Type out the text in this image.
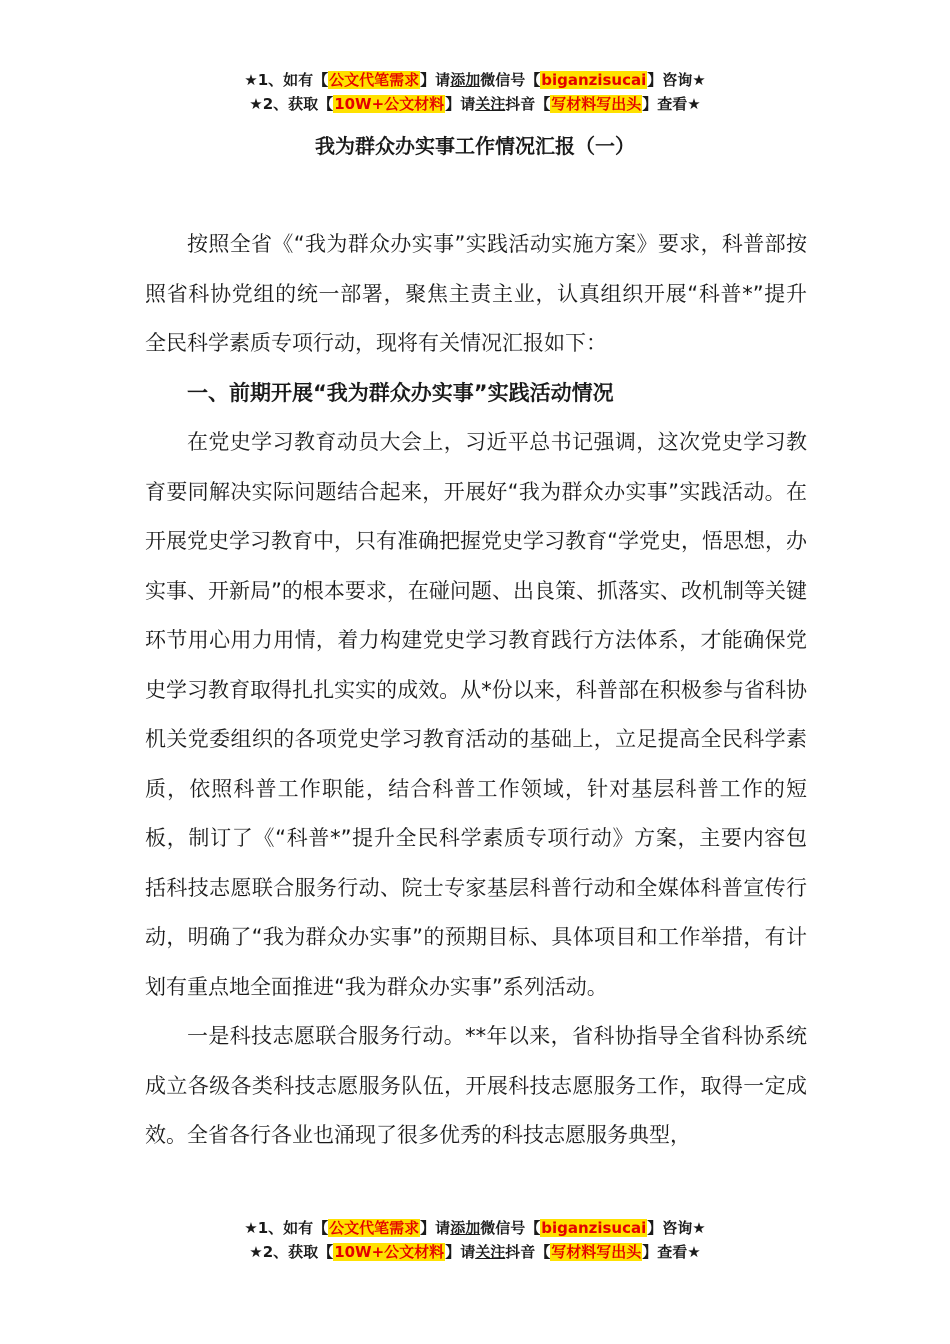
★1、如有【公文代笔需求】请添加微信号【biganzisucai】咨询★
★2、获取【10W+公文材料】请关注抖音【写材料写出头】查看★
我为群众办实事工作情况汇报（一）

按照全省《“我为群众办实事”实践活动实施方案》要求，科普部按照省科协党组的统一部署，聚焦主责主业，认真组织开展“科普*”提升全民科学素质专项行动，现将有关情况汇报如下：

一、前期开展“我为群众办实事”实践活动情况

在党史学习教育动员大会上，习近平总书记强调，这次党史学习教育要同解决实际问题结合起来，开展好“我为群众办实事”实践活动。在开展党史学习教育中，只有准确把握党史学习教育“学党史，悟思想，办实事、开新局”的根本要求，在碰问题、出良策、抓落实、改机制等关键环节用心用力用情，着力构建党史学习教育践行方法体系，才能确保党史学习教育取得扎扎实实的成效。从*份以来，科普部在积极参与省科协机关党委组织的各项党史学习教育活动的基础上，立足提高全民科学素质，依照科普工作职能，结合科普工作领域，针对基层科普工作的短板，制订了《“科普*”提升全民科学素质专项行动》方案，主要内容包括科技志愿联合服务行动、院士专家基层科普行动和全媒体科普宣传行动，明确了“我为群众办实事”的预期目标、具体项目和工作举措，有计划有重点地全面推进“我为群众办实事”系列活动。

一是科技志愿联合服务行动。**年以来，省科协指导全省科协系统成立各级各类科技志愿服务队伍，开展科技志愿服务工作，取得一定成效。全省各行各业也涌现了很多优秀的科技志愿服务典型，

★1、如有【公文代笔需求】请添加微信号【biganzisucai】咨询★
★2、获取【10W+公文材料】请关注抖音【写材料写出头】查看★
